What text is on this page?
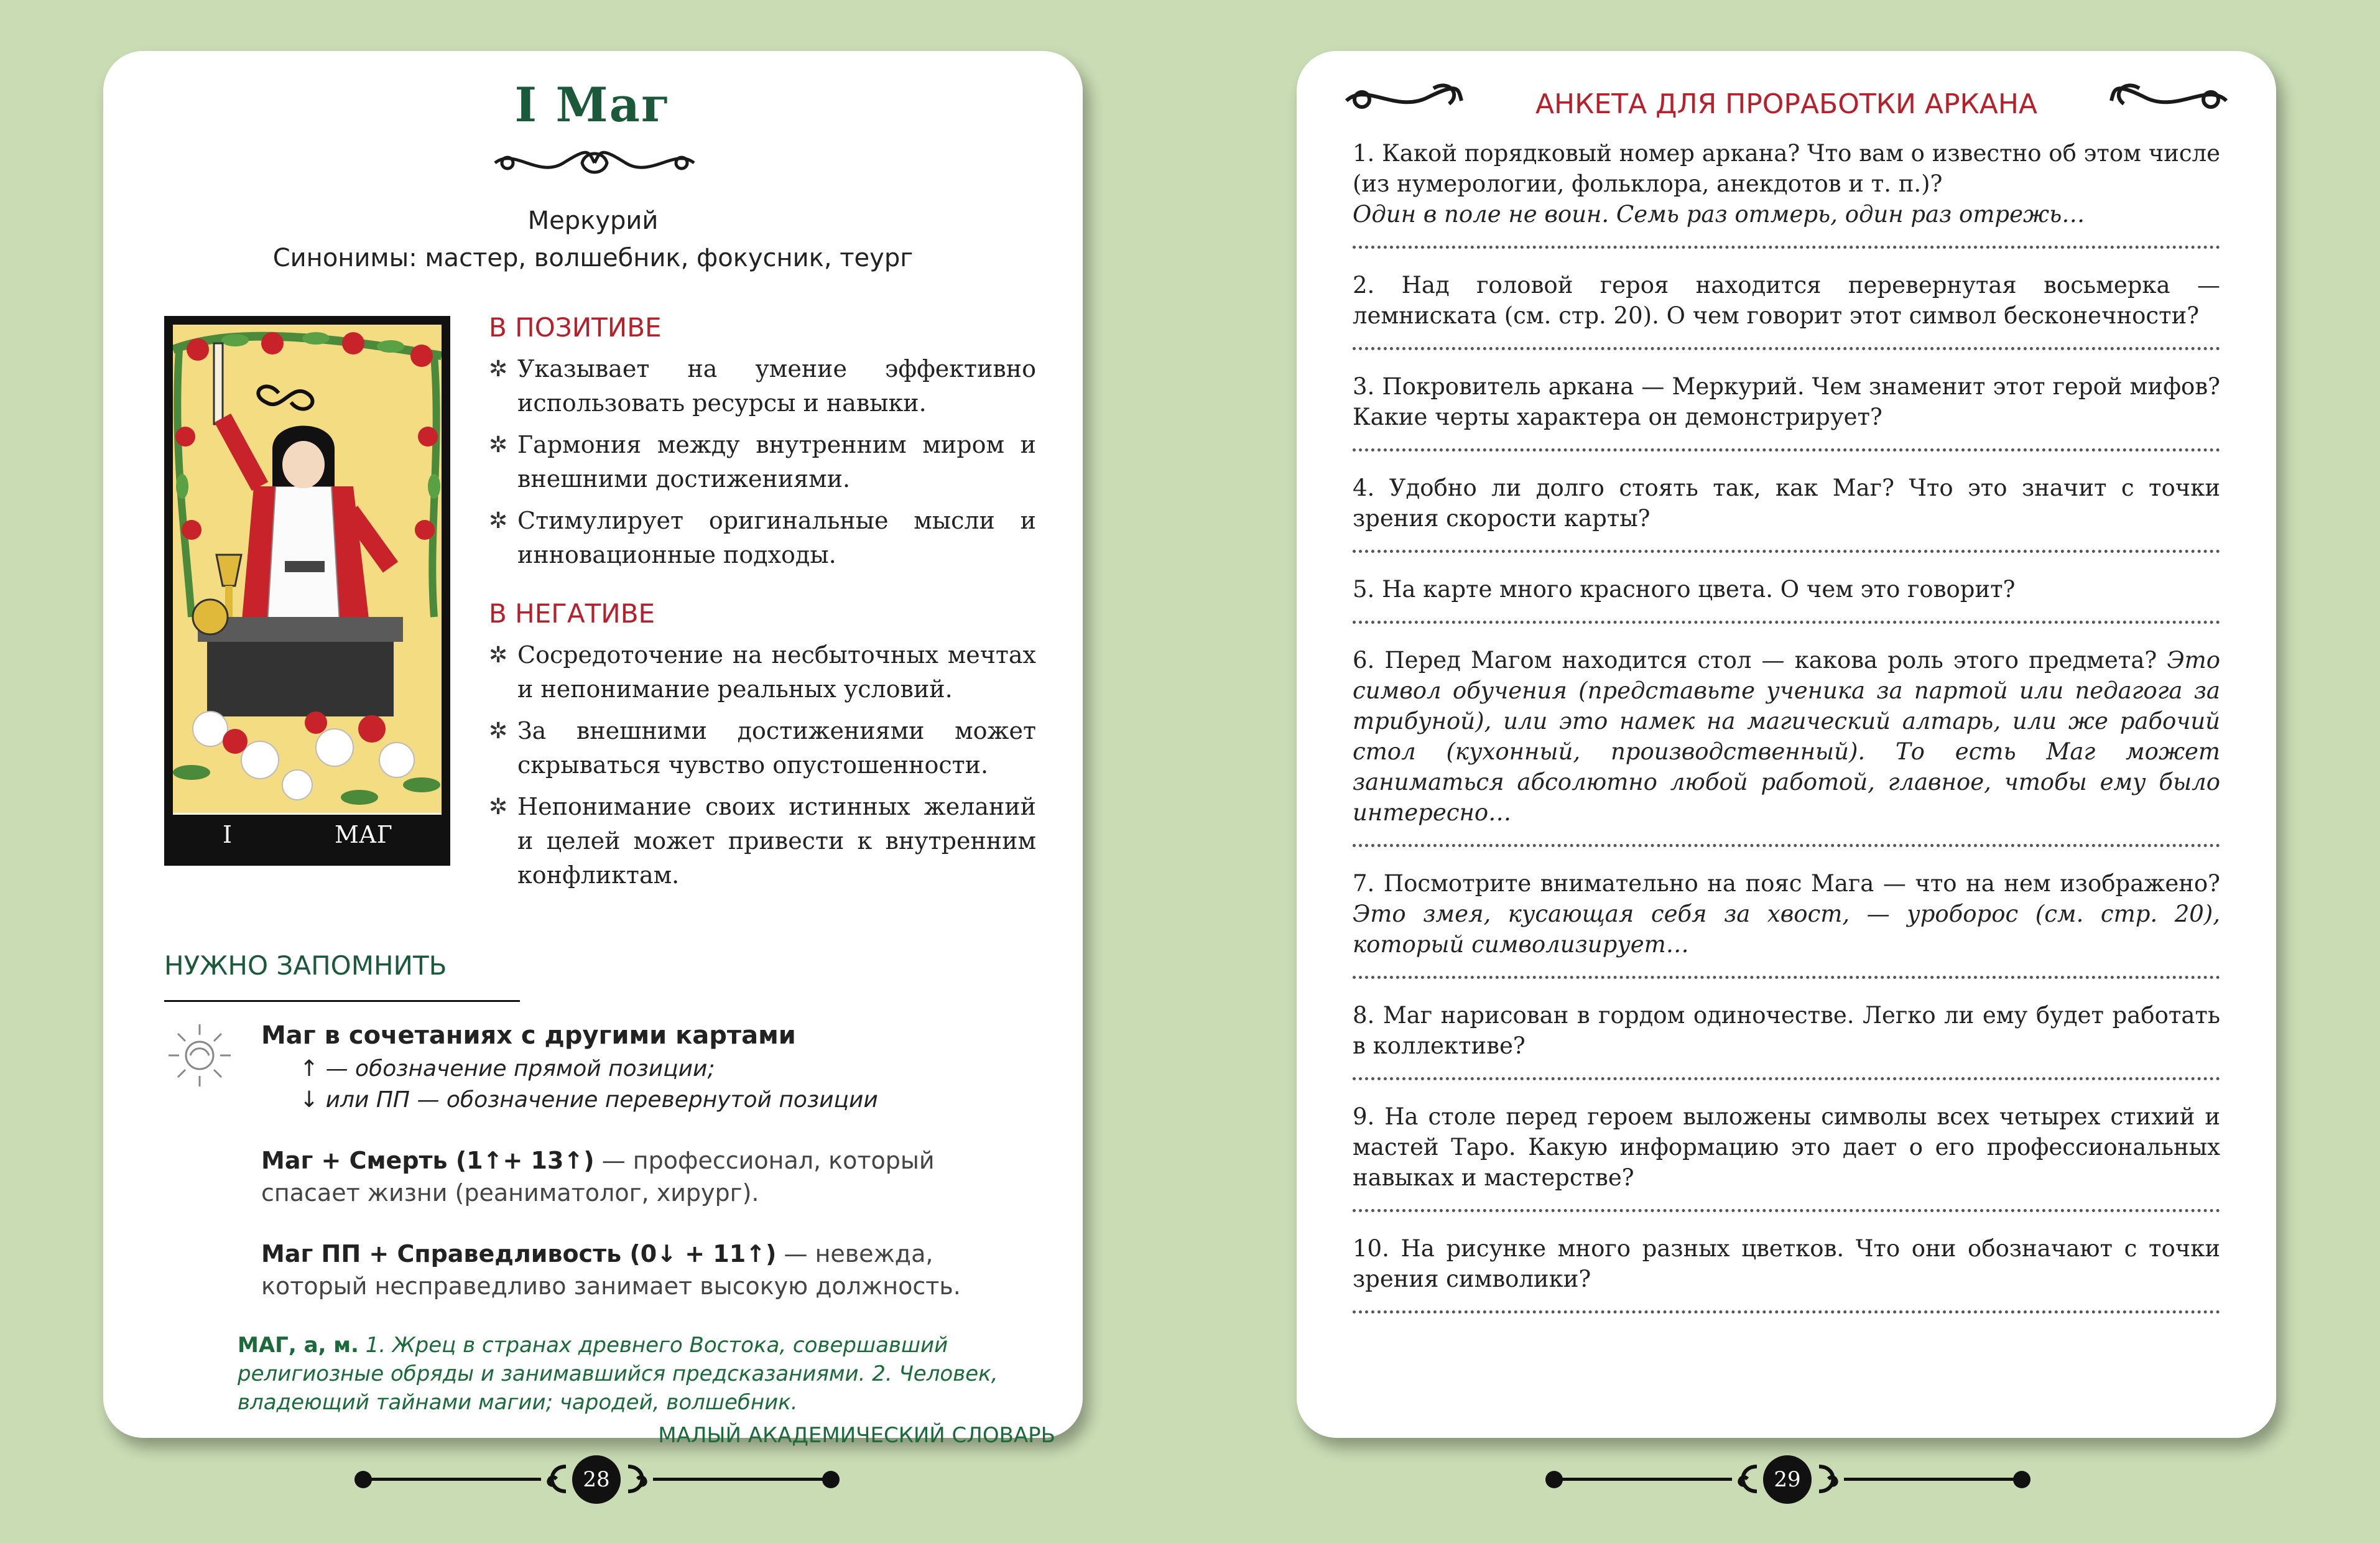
I Маг
Меркурий
Синонимы: мастер, волшебник, фокусник, теург
I	МАГ
В ПОЗИТИВЕ
✲ Указывает на умение эффективно использовать ресурсы и навыки.
✲ Гармония между внутренним миром и внешними достижениями.
✲ Стимулирует оригинальные мысли и инновационные подходы.
В НЕГАТИВЕ
✲ Сосредоточение на несбыточных мечтах и непонимание реальных условий.
✲ За внешними достижениями может скрываться чувство опустошенности.
✲ Непонимание своих истинных желаний и целей может привести к внутренним конфликтам.
НУЖНО ЗАПОМНИТЬ
Маг в сочетаниях с другими картами
↑ — обозначение прямой позиции;
↓ или ПП — обозначение перевернутой позиции
Маг + Смерть (1↑+ 13↑) — профессионал, который спасает жизни (реаниматолог, хирург).
Маг ПП + Справедливость (0↓ + 11↑) — невежда, который несправедливо занимает высокую должность.
МАГ, а, м. 1. Жрец в странах древнего Востока, совершавший религиозные обряды и занимавшийся предсказаниями. 2. Человек, владеющий тайнами магии; чародей, волшебник.
МАЛЫЙ АКАДЕМИЧЕСКИЙ СЛОВАРЬ
АНКЕТА ДЛЯ ПРОРАБОТКИ АРКАНА
1. Какой порядковый номер аркана? Что вам о известно об этом числе (из нумерологии, фольклора, анекдотов и т. п.)?
Один в поле не воин. Семь раз отмерь, один раз отрежь…
2. Над головой героя находится перевернутая восьмерка — лемниската (см. стр. 20). О чем говорит этот символ бесконечности?
3. Покровитель аркана — Меркурий. Чем знаменит этот герой мифов? Какие черты характера он демонстрирует?
4. Удобно ли долго стоять так, как Маг? Что это значит с точки зрения скорости карты?
5. На карте много красного цвета. О чем это говорит?
6. Перед Магом находится стол — какова роль этого предмета? Это символ обучения (представьте ученика за партой или педагога за трибуной), или это намек на магический алтарь, или же рабочий стол (кухонный, производственный). То есть Маг может заниматься абсолютно любой работой, главное, чтобы ему было интересно…
7. Посмотрите внимательно на пояс Мага — что на нем изображено? Это змея, кусающая себя за хвост, — уроборос (см. стр. 20), который символизирует…
8. Маг нарисован в гордом одиночестве. Легко ли ему будет работать в коллективе?
9. На столе перед героем выложены символы всех четырех стихий и мастей Таро. Какую информацию это дает о его профессиональных навыках и мастерстве?
10. На рисунке много разных цветков. Что они обозначают с точки зрения символики?
28	29
